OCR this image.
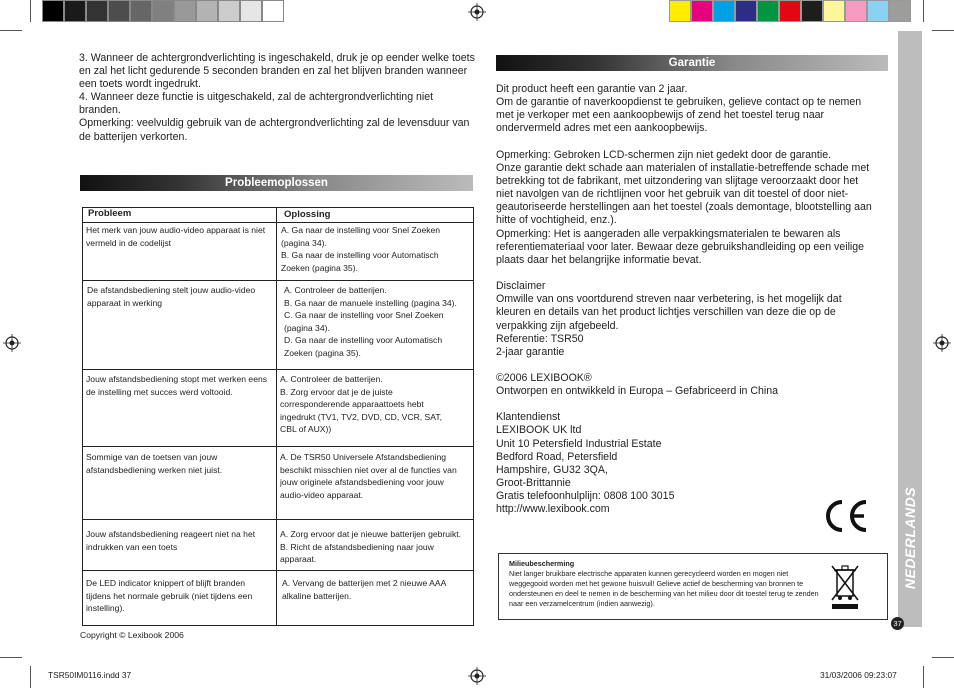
3. Wanneer de achtergrondverlichting is ingeschakeld, druk je op eender welke toets en zal het licht gedurende 5 seconden branden en zal het blijven branden wanneer een toets wordt ingedrukt.

4. Wanneer deze functie is uitgeschakeld, zal de achtergrondverlichting niet branden.

Opmerking: veelvuldig gebruik van de achtergrondverlichting zal de levensduur van de batterijen verkorten.

Probleemoplossen
Probleem	Oplossing
Het merk van jouw audio-video apparaat is niet vermeld in de codelijst
A. Ga naar de instelling voor Snel Zoeken (pagina 34).
B. Ga naar de instelling voor Automatisch Zoeken (pagina 35).
De afstandsbediening stelt jouw audio-video apparaat in werking
A. Controleer de batterijen.
B. Ga naar de manuele instelling (pagina 34).
C. Ga naar de instelling voor Snel Zoeken (pagina 34).
D. Ga naar de instelling voor Automatisch Zoeken (pagina 35).
Jouw afstandsbediening stopt met werken eens de instelling met succes werd voltooid.
A. Controleer de batterijen.
B. Zorg ervoor dat je de juiste corresponderende apparaattoets hebt ingedrukt (TV1, TV2, DVD, CD, VCR, SAT, CBL of AUX))
Sommige van de toetsen van jouw afstandsbediening werken niet juist.
A. De TSR50 Universele Afstandsbediening beschikt misschien niet over al de functies van jouw originele afstandsbediening voor jouw audio-video apparaat.
Jouw afstandsbediening reageert niet na het indrukken van een toets
A. Zorg ervoor dat je nieuwe batterijen gebruikt.
B. Richt de afstandsbediening naar jouw apparaat.
De LED indicator knippert of blijft branden tijdens het normale gebruik (niet tijdens een instelling).
A. Vervang de batterijen met 2 nieuwe AAA alkaline batterijen.
Copyright © Lexibook 2006
Garantie

Dit product heeft een garantie van 2 jaar.

Om de garantie of naverkoopdienst te gebruiken, gelieve contact op te nemen met je verkoper met een aankoopbewijs of zend het toestel terug naar ondervermeld adres met een aankoopbewijs.

Opmerking: Gebroken LCD-schermen zijn niet gedekt door de garantie.

Onze garantie dekt schade aan materialen of installatie-betreffende schade met betrekking tot de fabrikant, met uitzondering van slijtage veroorzaakt door het niet navolgen van de richtlijnen voor het gebruik van dit toestel of door niet-geautoriseerde herstellingen aan het toestel (zoals demontage, blootstelling aan hitte of vochtigheid, enz.).

Opmerking: Het is aangeraden alle verpakkingsmaterialen te bewaren als referentiemateriaal voor later. Bewaar deze gebruikshandleiding op een veilige plaats daar het belangrijke informatie bevat.

Disclaimer

Omwille van ons voortdurend streven naar verbetering, is het mogelijk dat kleuren en details van het product lichtjes verschillen van deze die op de verpakking zijn afgebeeld.

Referentie: TSR50

2-jaar garantie

©2006 LEXIBOOK®

Ontworpen en ontwikkeld in Europa – Gefabriceerd in China

Klantendienst

LEXIBOOK UK ltd

Unit 10 Petersfield Industrial Estate

Bedford Road, Petersfield

Hampshire, GU32 3QA,

Groot-Brittannie

Gratis telefoonhulplijn: 0808 100 3015

http://www.lexibook.com

Milieubescherming
Niet langer bruikbare electrische apparaten kunnen gerecycleerd worden en mogen niet weggegooid worden met het gewone huisvuil! Gelieve actief de bescherming van bronnen te ondersteunen en deel te nemen in de bescherming van het milieu door dit toestel terug te zenden naar een verzamelcentrum (indien aanwezig).
NEDERLANDS
37
TSR50IM0116.indd 37	31/03/2006 09:23:07
